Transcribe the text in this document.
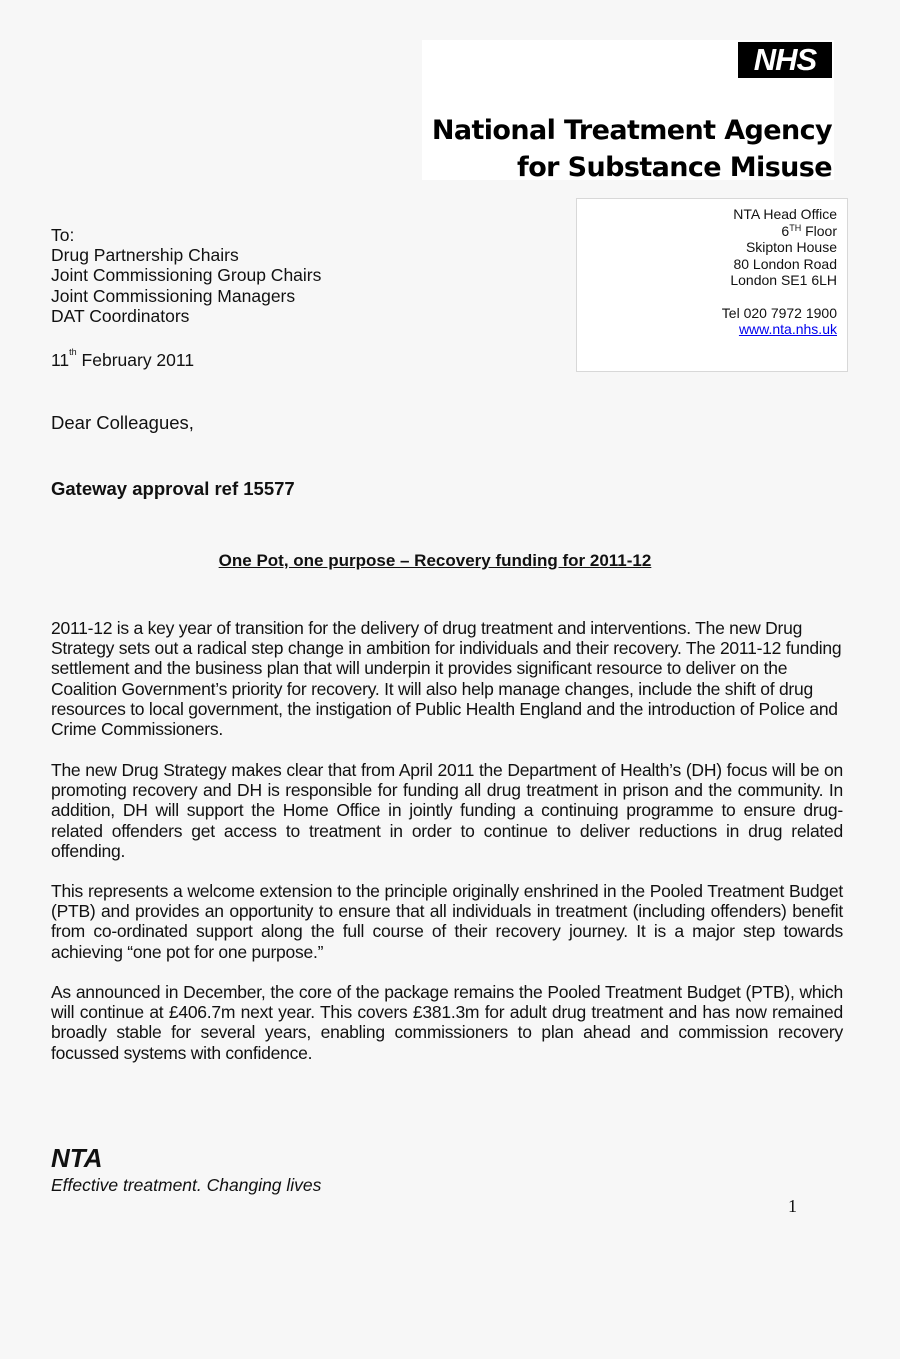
NHS
National Treatment Agency
for Substance Misuse
NTA Head Office
6TH Floor
Skipton House
80 London Road
London SE1 6LH
Tel 020 7972 1900
www.nta.nhs.uk
To:
Drug Partnership Chairs
Joint Commissioning Group Chairs
Joint Commissioning Managers
DAT Coordinators
11th February 2011
Dear Colleagues,
Gateway approval ref 15577
One Pot, one purpose – Recovery funding for 2011-12
2011-12 is a key year of transition for the delivery of drug treatment and interventions. The new Drug Strategy sets out a radical step change in ambition for individuals and their recovery. The 2011-12 funding settlement and the business plan that will underpin it provides significant resource to deliver on the Coalition Government’s priority for recovery. It will also help manage changes, include the shift of drug resources to local government, the instigation of Public Health England and the introduction of Police and Crime Commissioners.
The new Drug Strategy makes clear that from April 2011 the Department of Health’s (DH) focus will be on promoting recovery and DH is responsible for funding all drug treatment in prison and the community. In addition, DH will support the Home Office in jointly funding a continuing programme to ensure drug-related offenders get access to treatment in order to continue to deliver reductions in drug related offending.
This represents a welcome extension to the principle originally enshrined in the Pooled Treatment Budget (PTB) and provides an opportunity to ensure that all individuals in treatment (including offenders) benefit from co-ordinated support along the full course of their recovery journey. It is a major step towards achieving “one pot for one purpose.”
As announced in December, the core of the package remains the Pooled Treatment Budget (PTB), which will continue at £406.7m next year. This covers £381.3m for adult drug treatment and has now remained broadly stable for several years, enabling commissioners to plan ahead and commission recovery focussed systems with confidence.
NTA
Effective treatment. Changing lives
1
